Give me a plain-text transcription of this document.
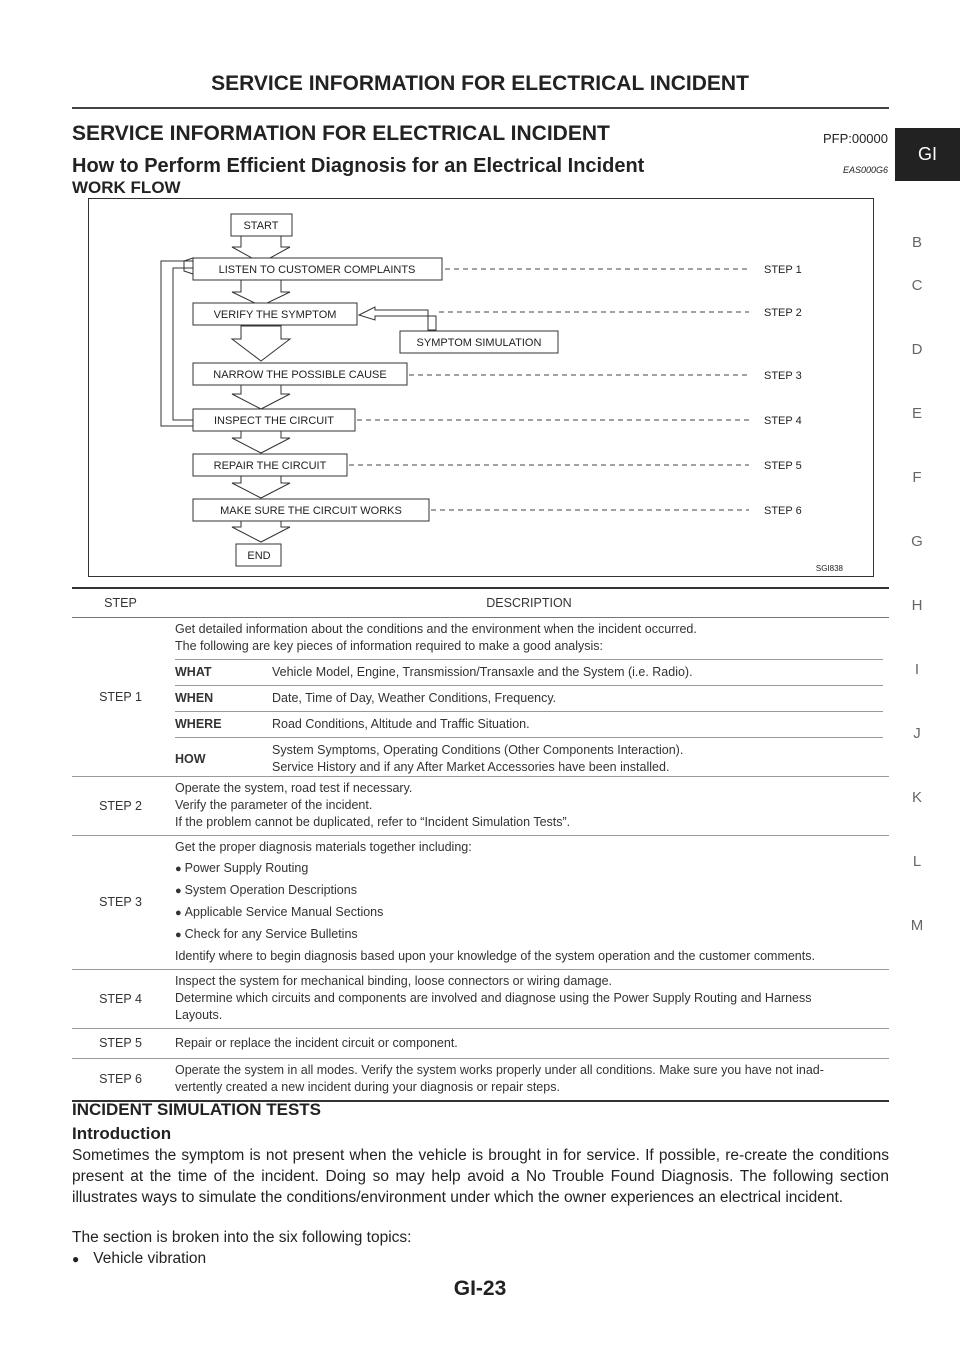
SERVICE INFORMATION FOR ELECTRICAL INCIDENT
SERVICE INFORMATION FOR ELECTRICAL INCIDENT	PFP:00000
How to Perform Efficient Diagnosis for an Electrical Incident	EAS000G6
WORK FLOW
GI
B
C
D
E
F
G
H
I
J
K
L
M
START
LISTEN TO CUSTOMER COMPLAINTS
VERIFY THE SYMPTOM
SYMPTOM SIMULATION
NARROW THE POSSIBLE CAUSE
INSPECT THE CIRCUIT
REPAIR THE CIRCUIT
MAKE SURE THE CIRCUIT WORKS
END
STEP 1
STEP 2
STEP 3
STEP 4
STEP 5
STEP 6
SGI838
STEP	DESCRIPTION
STEP 1	
Get detailed information about the conditions and the environment when the incident occurred.
The following are key pieces of information required to make a good analysis:
WHAT	Vehicle Model, Engine, Transmission/Transaxle and the System (i.e. Radio).
WHEN	Date, Time of Day, Weather Conditions, Frequency.
WHERE	Road Conditions, Altitude and Traffic Situation.
HOW	
System Symptoms, Operating Conditions (Other Components Interaction).
Service History and if any After Market Accessories have been installed.

STEP 2	
Operate the system, road test if necessary.
Verify the parameter of the incident.
If the problem cannot be duplicated, refer to “Incident Simulation Tests”.

STEP 3	
Get the proper diagnosis materials together including:
● Power Supply Routing
● System Operation Descriptions
● Applicable Service Manual Sections
● Check for any Service Bulletins
Identify where to begin diagnosis based upon your knowledge of the system operation and the customer comments.

STEP 4	
Inspect the system for mechanical binding, loose connectors or wiring damage.
Determine which circuits and components are involved and diagnose using the Power Supply Routing and Harness
Layouts.

STEP 5	Repair or replace the incident circuit or component.

STEP 6	
Operate the system in all modes. Verify the system works properly under all conditions. Make sure you have not inad-
vertently created a new incident during your diagnosis or repair steps.
INCIDENT SIMULATION TESTS
Introduction
Sometimes the symptom is not present when the vehicle is brought in for service. If possible, re-create the conditions present at the time of the incident. Doing so may help avoid a No Trouble Found Diagnosis. The following section illustrates ways to simulate the conditions/environment under which the owner experiences an electrical incident.
The section is broken into the six following topics:
● Vehicle vibration
GI-23
